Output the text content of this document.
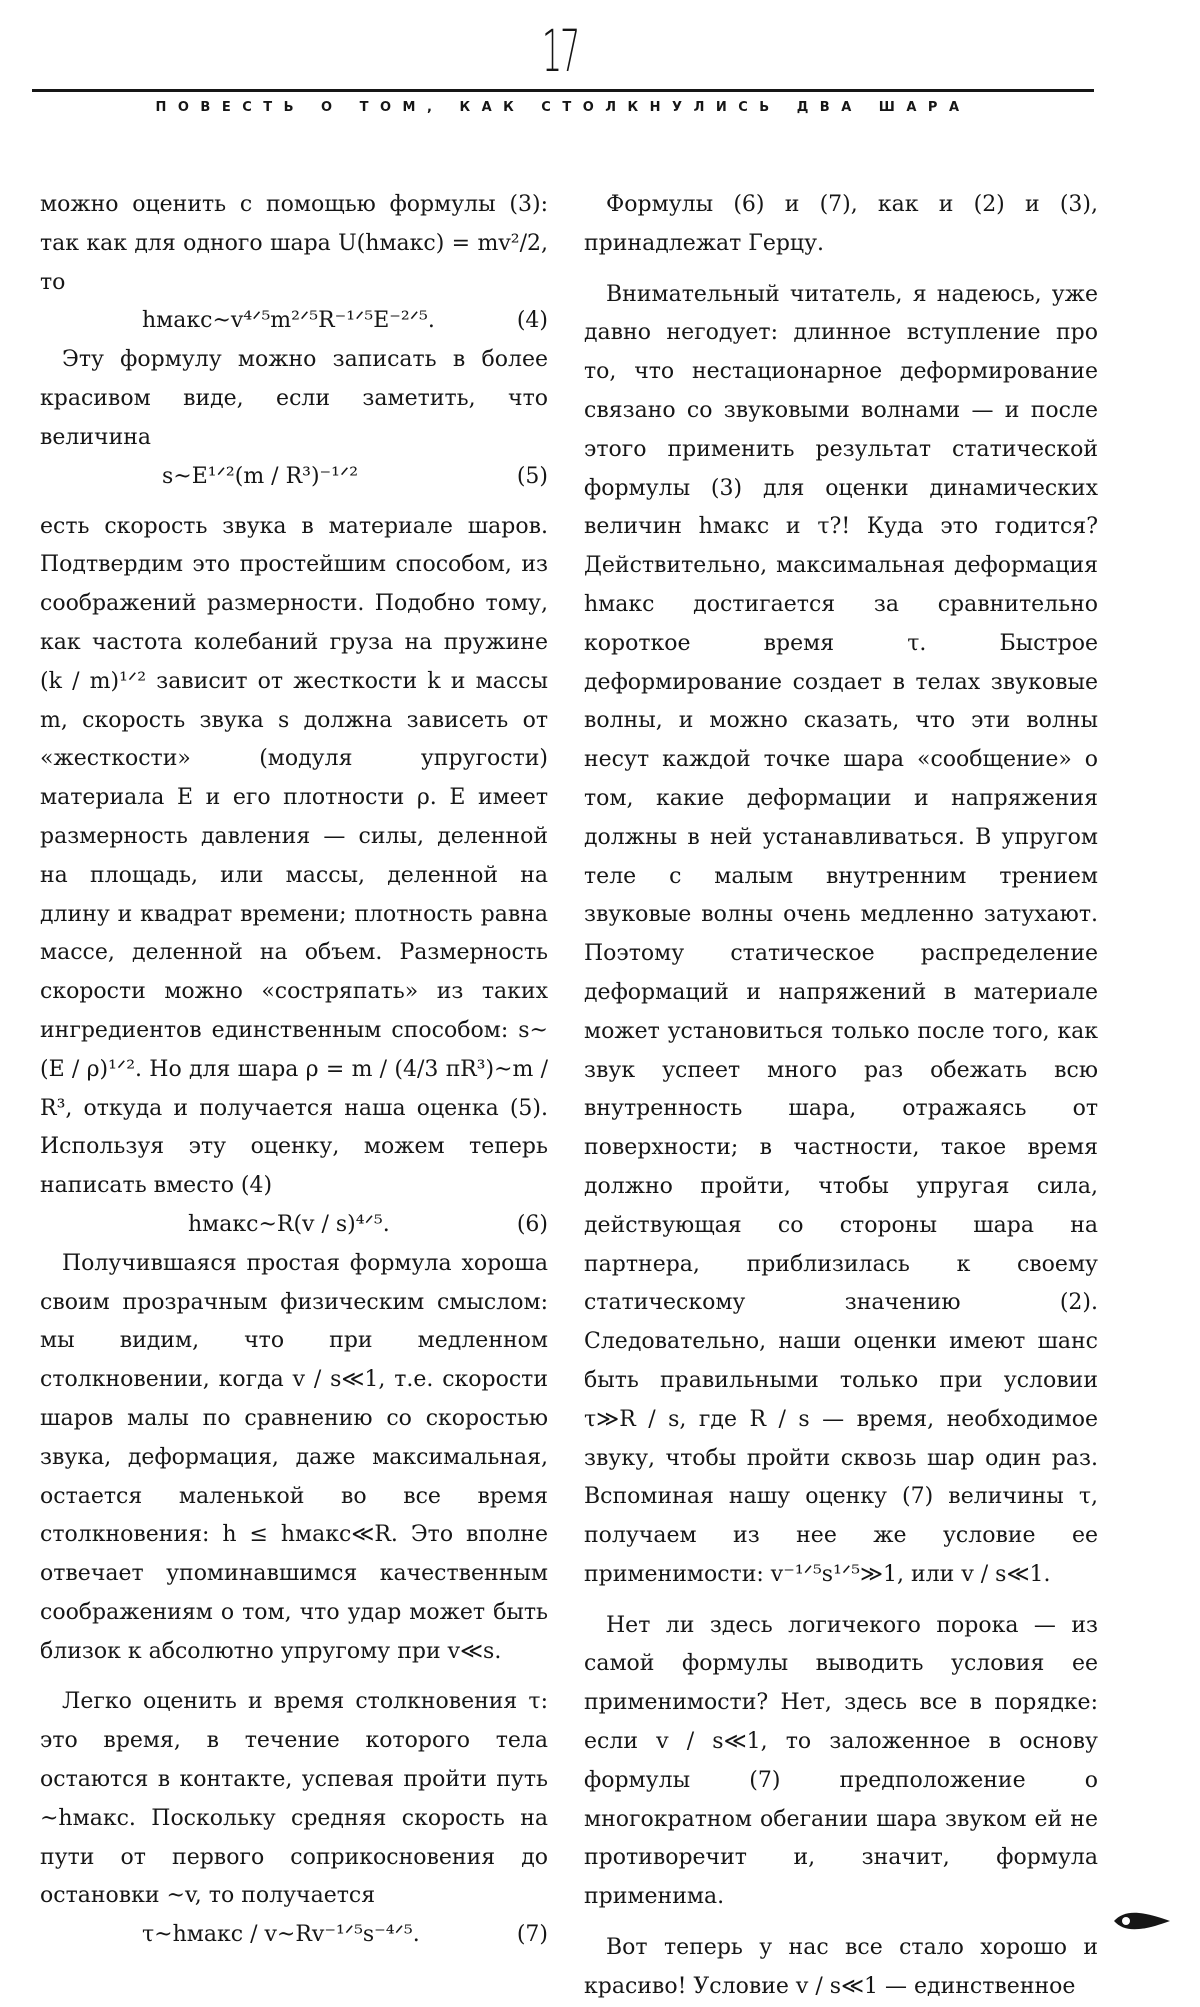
17
ПОВЕСТЬ О ТОМ, КАК СТОЛКНУЛИСЬ ДВА ШАРА

можно оценить с помощью формулы (3): так как для одного шара U(hмакс) = mv²/2, то

hмакс~v⁴ᐟ⁵m²ᐟ⁵R⁻¹ᐟ⁵E⁻²ᐟ⁵.	(4)

Эту формулу можно записать в более красивом виде, если заметить, что величина

s~E¹ᐟ²(m / R³)⁻¹ᐟ²	(5)

есть скорость звука в материале шаров. Подтвердим это простейшим способом, из соображений размерности. Подобно тому, как частота колебаний груза на пружине (k / m)¹ᐟ² зависит от жесткости k и массы m, скорость звука s должна зависеть от «жесткости» (модуля упругости) материала E и его плотности ρ. E имеет размерность давления — силы, деленной на площадь, или массы, деленной на длину и квадрат времени; плотность равна массе, деленной на объем. Размерность скорости можно «состряпать» из таких ингредиентов единственным способом: s~(E / ρ)¹ᐟ². Но для шара ρ = m / (4/3 πR³)~m / R³, откуда и получается наша оценка (5). Используя эту оценку, можем теперь написать вместо (4)

hмакс~R(v / s)⁴ᐟ⁵.	(6)

Получившаяся простая формула хороша своим прозрачным физическим смыслом: мы видим, что при медленном столкновении, когда v / s≪1, т.е. скорости шаров малы по сравнению со скоростью звука, деформация, даже максимальная, остается маленькой во все время столкновения: h ≤ hмакс≪R. Это вполне отвечает упоминавшимся качественным соображениям о том, что удар может быть близок к абсолютно упругому при v≪s.

Легко оценить и время столкновения τ: это время, в течение которого тела остаются в контакте, успевая пройти путь ~hмакс. Поскольку средняя скорость на пути от первого соприкосновения до остановки ~v, то получается

τ~hмакс / v~Rv⁻¹ᐟ⁵s⁻⁴ᐟ⁵.	(7)

Формулы (6) и (7), как и (2) и (3), принадлежат Герцу.

Внимательный читатель, я надеюсь, уже давно негодует: длинное вступление про то, что нестационарное деформирование связано со звуковыми волнами — и после этого применить результат статической формулы (3) для оценки динамических величин hмакс и τ?! Куда это годится? Действительно, максимальная деформация hмакс достигается за сравнительно короткое время τ. Быстрое деформирование создает в телах звуковые волны, и можно сказать, что эти волны несут каждой точке шара «сообщение» о том, какие деформации и напряжения должны в ней устанавливаться. В упругом теле с малым внутренним трением звуковые волны очень медленно затухают. Поэтому статическое распределение деформаций и напряжений в материале может установиться только после того, как звук успеет много раз обежать всю внутренность шара, отражаясь от поверхности; в частности, такое время должно пройти, чтобы упругая сила, действующая со стороны шара на партнера, приблизилась к своему статическому значению (2). Следовательно, наши оценки имеют шанс быть правильными только при условии τ≫R / s, где R / s — время, необходимое звуку, чтобы пройти сквозь шар один раз. Вспоминая нашу оценку (7) величины τ, получаем из нее же условие ее применимости: v⁻¹ᐟ⁵s¹ᐟ⁵≫1, или v / s≪1.

Нет ли здесь логичекого порока — из самой формулы выводить условия ее применимости? Нет, здесь все в порядке: если v / s≪1, то заложенное в основу формулы (7) предположение о многократном обегании шара звуком ей не противоречит и, значит, формула применима.

Вот теперь у нас все стало хорошо и красиво! Условие v / s≪1 — единственное
